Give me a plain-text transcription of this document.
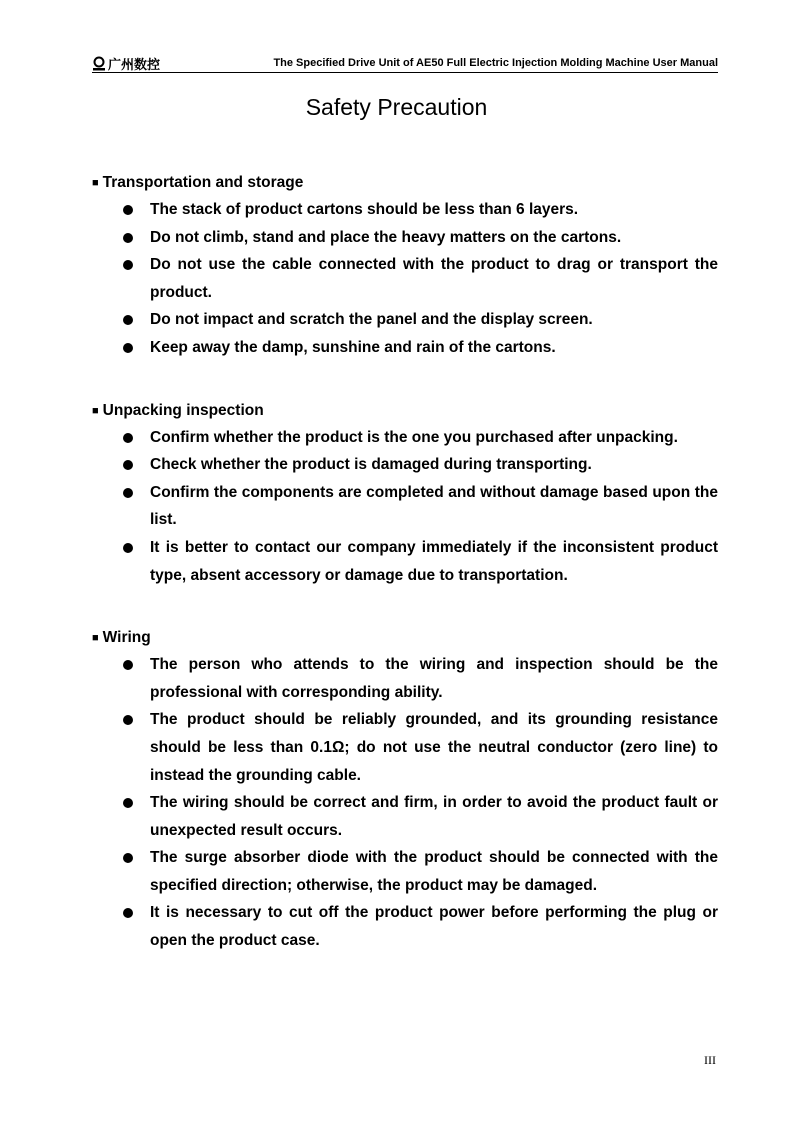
广州数控	The Specified Drive Unit of AE50 Full Electric Injection Molding Machine User Manual
Safety Precaution
■ Transportation and storage
The stack of product cartons should be less than 6 layers.
Do not climb, stand and place the heavy matters on the cartons.
Do not use the cable connected with the product to drag or transport the product.
Do not impact and scratch the panel and the display screen.
Keep away the damp, sunshine and rain of the cartons.
■ Unpacking inspection
Confirm whether the product is the one you purchased after unpacking.
Check whether the product is damaged during transporting.
Confirm the components are completed and without damage based upon the list.
It is better to contact our company immediately if the inconsistent product type, absent accessory or damage due to transportation.
■ Wiring
The person who attends to the wiring and inspection should be the professional with corresponding ability.
The product should be reliably grounded, and its grounding resistance should be less than 0.1Ω; do not use the neutral conductor (zero line) to instead the grounding cable.
The wiring should be correct and firm, in order to avoid the product fault or unexpected result occurs.
The surge absorber diode with the product should be connected with the specified direction; otherwise, the product may be damaged.
It is necessary to cut off the product power before performing the plug or open the product case.
III
